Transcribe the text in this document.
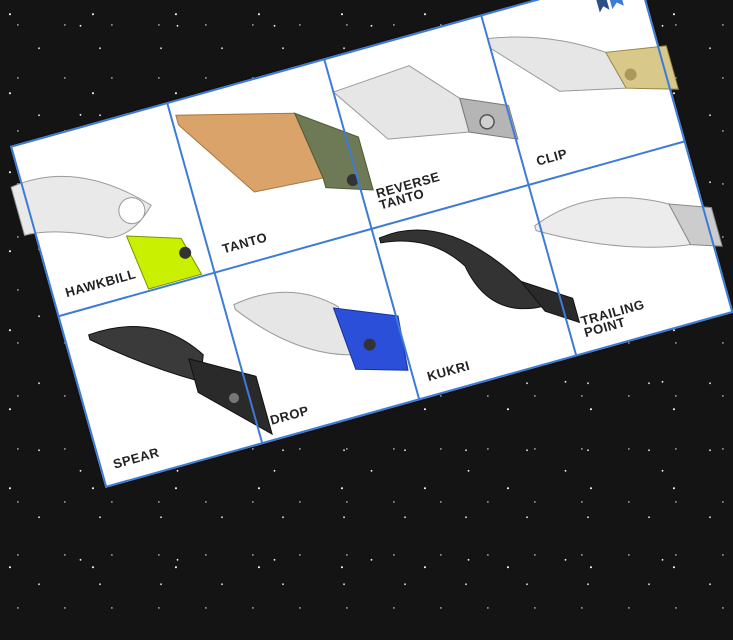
HAWKBILL
TANTO
REVERSE
TANTO
CLIP
SPEAR
DROP
KUKRI
TRAILING
POINT
